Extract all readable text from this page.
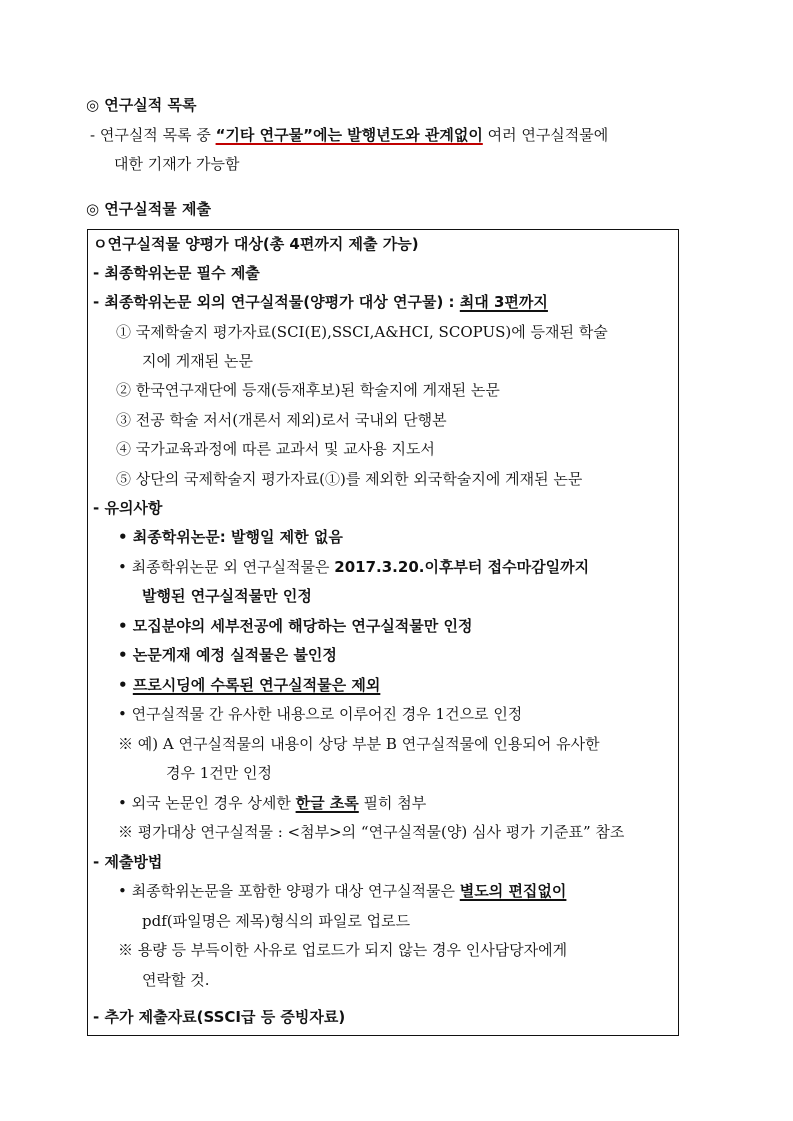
◎ 연구실적 목록
- 연구실적 목록 중 “기타 연구물”에는 발행년도와 관계없이 여러 연구실적물에
대한 기재가 가능함
◎ 연구실적물 제출
ㅇ연구실적물 양평가 대상(총 4편까지 제출 가능)
- 최종학위논문 필수 제출
- 최종학위논문 외의 연구실적물(양평가 대상 연구물) : 최대 3편까지
① 국제학술지 평가자료(SCI(E),SSCI,A&HCI, SCOPUS)에 등재된 학술
지에 게재된 논문
② 한국연구재단에 등재(등재후보)된 학술지에 게재된 논문
③ 전공 학술 저서(개론서 제외)로서 국내외 단행본
④ 국가교육과정에 따른 교과서 및 교사용 지도서
⑤ 상단의 국제학술지 평가자료(①)를 제외한 외국학술지에 게재된 논문
- 유의사항
• 최종학위논문: 발행일 제한 없음
• 최종학위논문 외 연구실적물은 2017.3.20.이후부터 접수마감일까지
발행된 연구실적물만 인정
• 모집분야의 세부전공에 해당하는 연구실적물만 인정
• 논문게재 예정 실적물은 불인정
• 프로시딩에 수록된 연구실적물은 제외
• 연구실적물 간 유사한 내용으로 이루어진 경우 1건으로 인정
※ 예) A 연구실적물의 내용이 상당 부분 B 연구실적물에 인용되어 유사한
경우 1건만 인정
• 외국 논문인 경우 상세한 한글 초록 필히 첨부
※ 평가대상 연구실적물 : <첨부>의 “연구실적물(양) 심사 평가 기준표” 참조
- 제출방법
• 최종학위논문을 포함한 양평가 대상 연구실적물은 별도의 편집없이
pdf(파일명은 제목)형식의 파일로 업로드
※ 용량 등 부득이한 사유로 업로드가 되지 않는 경우 인사담당자에게
연락할 것.
- 추가 제출자료(SSCI급 등 증빙자료)
